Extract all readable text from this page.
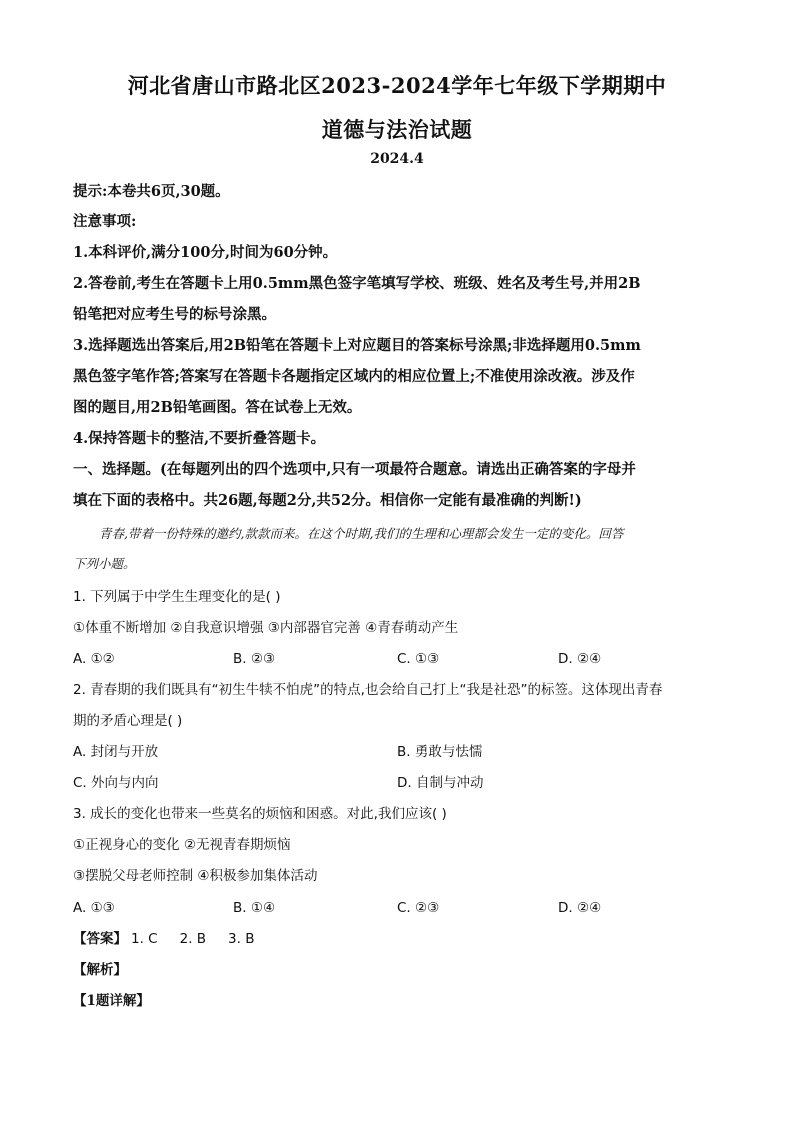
河北省唐山市路北区2023-2024学年七年级下学期期中
道德与法治试题
2024.4
提示:本卷共6页,30题。
注意事项:
1.本科评价,满分100分,时间为60分钟。
2.答卷前,考生在答题卡上用0.5mm黑色签字笔填写学校、班级、姓名及考生号,并用2B
铅笔把对应考生号的标号涂黑。
3.选择题选出答案后,用2B铅笔在答题卡上对应题目的答案标号涂黑;非选择题用0.5mm
黑色签字笔作答;答案写在答题卡各题指定区域内的相应位置上;不准使用涂改液。涉及作
图的题目,用2B铅笔画图。答在试卷上无效。
4.保持答题卡的整洁,不要折叠答题卡。
一、选择题。(在每题列出的四个选项中,只有一项最符合题意。请选出正确答案的字母并
填在下面的表格中。共26题,每题2分,共52分。相信你一定能有最准确的判断!)
青春,带着一份特殊的邀约,款款而来。在这个时期,我们的生理和心理都会发生一定的变化。回答
下列小题。
1. 下列属于中学生生理变化的是( )
①体重不断增加 ②自我意识增强 ③内部器官完善 ④青春萌动产生
A. ①②	B. ②③	C. ①③	D. ②④
2. 青春期的我们既具有“初生牛犊不怕虎”的特点,也会给自己打上“我是社恐”的标签。这体现出青春
期的矛盾心理是( )
A. 封闭与开放	B. 勇敢与怯懦
C. 外向与内向	D. 自制与冲动
3. 成长的变化也带来一些莫名的烦恼和困惑。对此,我们应该( )
①正视身心的变化 ②无视青春期烦恼
③摆脱父母老师控制 ④积极参加集体活动
A. ①③	B. ①④	C. ②③	D. ②④
【答案】 1. C 2. B 3. B
【解析】
【1题详解】
